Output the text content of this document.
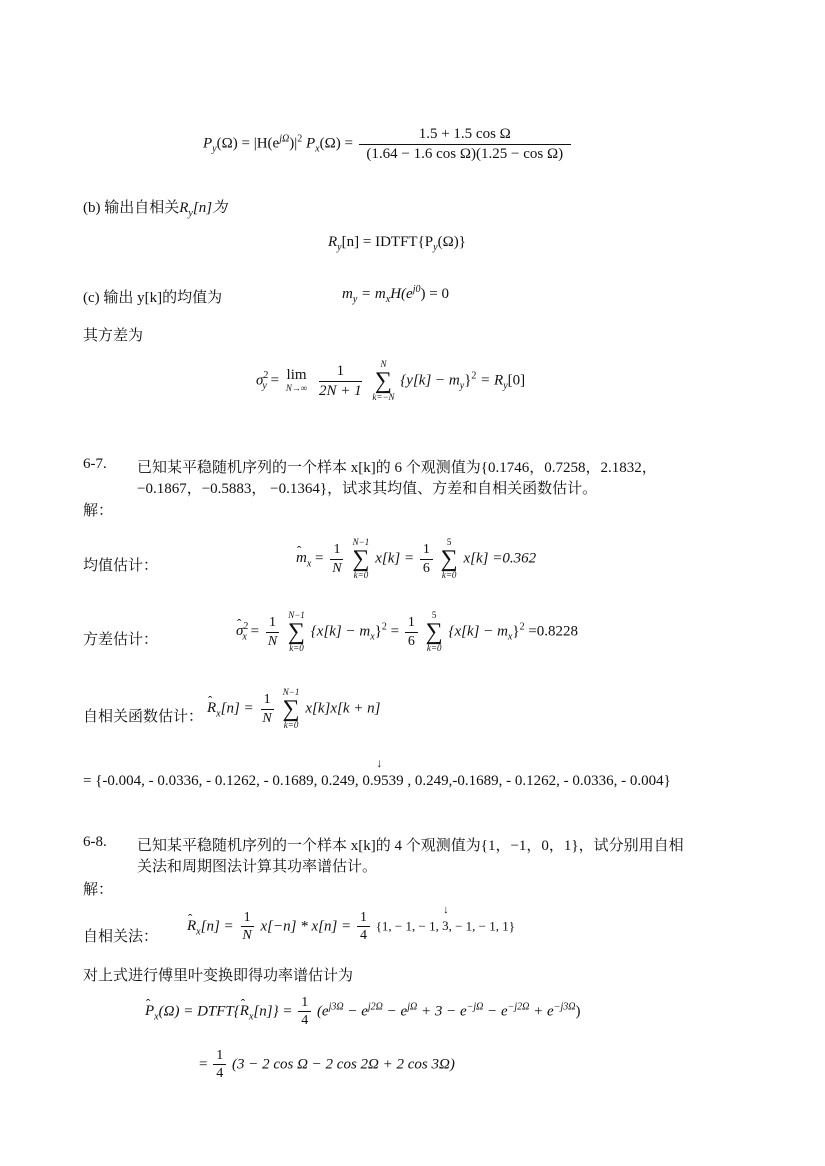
$P_y(\Omega) = |H(e^{j\Omega})|^2$ $P_x(\Omega) = \frac{\text{1.5 + 1.5 cos Ω}}{\text{(1.64 − 1.6 cos Ω)(1.25 − cos Ω)}}$
(b) 输出自相关$R_y[n]$为
$R_y[n]$ = $IDTFT\{P_y(\Omega)\}$
(c) 输出 y[k]的均值为	$m_y = m_xH(e^{j0}) = 0$
其方差为
$\sigma^2_y = \lim$
N→∞
$\frac{1}{2N + 1}$
N
∑
k=−N
$\{y[k] - m_y\}^2 = R_y[0]$
6-7. 已知某平稳随机序列的一个样本 x[k]的 6 个观测值为{0.1746，0.7258，2.1832，
−0.1867，−0.5883， −0.1364}，试求其均值、方差和自相关函数估计。
解：
均值估计：
ˆ	$m_x = \frac{1}{N}$

N−1
∑
k=0
$x[k] = \frac{1}{6}$

5
∑
k=0
x[k] =0.362
方差估计：
ˆ $\sigma^2_x = \frac{1}{N}$

N−1
∑
k=0
$\{x[k] - m_x\}^2 = \frac{1}{6}$

5
∑
k=0
$\{x[k] - m_x\}^2 =0.8228$
自相关函数估计：
ˆ $R_x[n] = \frac{1}{N}$

N−1
∑
k=0
x[k]x[k + n]
= {-0.004, - 0.0336, - 0.1262, - 0.1689, 0.249,
↓
0.9539 , 0.249,-0.1689, - 0.1262, - 0.0336, - 0.004}
6-8. 已知某平稳随机序列的一个样本 x[k]的 4 个观测值为{1，−1，0，1}，试分别用自相
关法和周期图法计算其功率谱估计。
解：
自相关法：
ˆ $R_x[n] = \frac{1}{N} x[-n] * x[n] = \frac{1}{4} \{1$, − 1, − 1,
↓
3, − 1, − 1, 1}
对上式进行傅里叶变换即得功率谱估计为
ˆ $P_x(\Omega)$ = DTFT{ˆ $R_x[n]\} = \frac{1}{4} (e^{j3\Omega} - e^{j2\Omega} - e^{j\Omega} + 3 - e^{-j\Omega} - e^{-j2\Omega} + e^{-j3\Omega})$
= $\frac{1}{4} (3 - 2$ cos Ω − 2 cos 2Ω + 2 cos 3Ω)
